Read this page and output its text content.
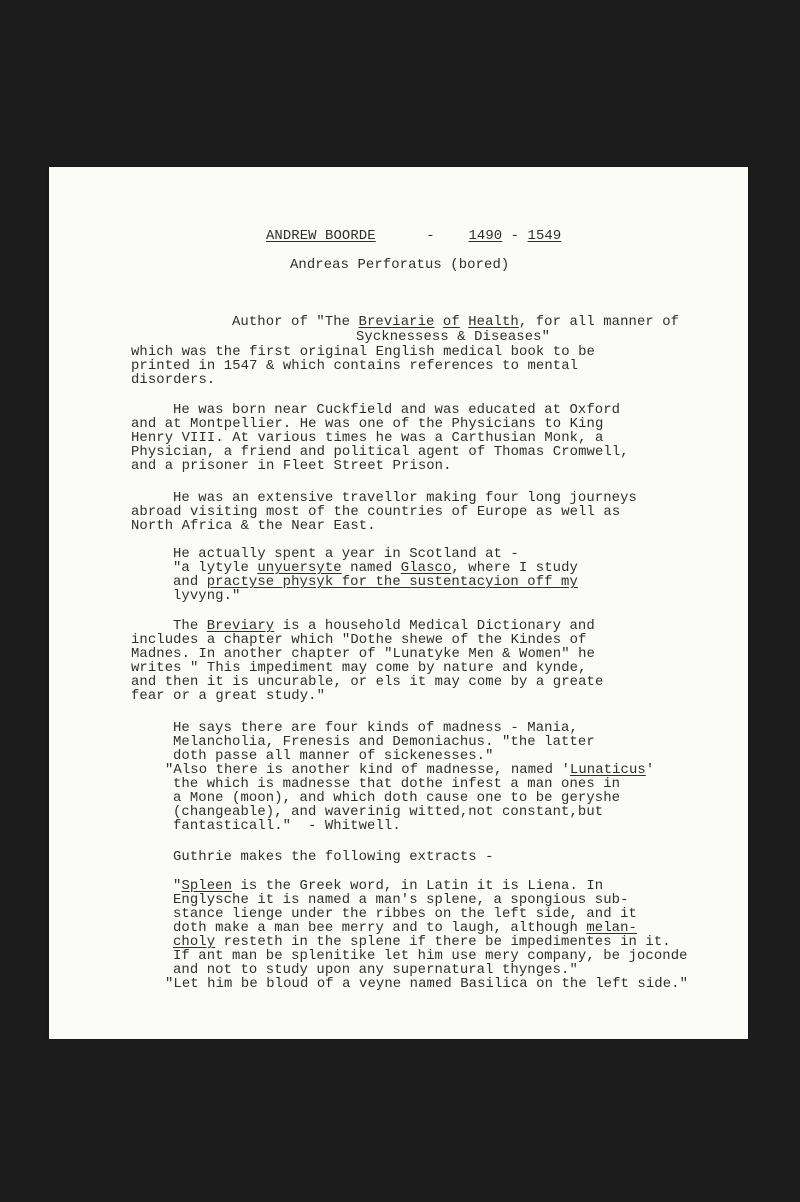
ANDREW BOORDE	- 1490 - 1549
Andreas Perforatus (bored)
Author of "The Breviarie of Health, for all manner of
Syсknessess & Diseases"
which was the first original English medical book to be
printed in 1547 & which contains references to mental
disorders.
He was born near Cuckfield and was educated at Oxford
and at Montpellier. He was one of the Physicians to King
Henry VIII. At various times he was a Carthusian Monk, a
Physician, a friend and political agent of Thomas Cromwell,
and a prisoner in Fleet Street Prison.
He was an extensive travellor making four long journeys
abroad visiting most of the countries of Europe as well as
North Africa & the Near East.
He actually spent a year in Scotland at -
"a lytyle unyuersyte named Glasco, where I study
and practyse physyk for the sustentacyion off my
lyvyng."
The Breviary is a household Medical Dictionary and
includes a chapter which "Dothe shewe of the Kindes of
Madnes. In another chapter of "Lunatyke Men & Women" he
writes " This impediment may come by nature and kynde,
and then it is uncurable, or els it may come by a greate
fear or a great study."
He says there are four kinds of madness - Mania,
Melancholia, Frenesis and Demoniachus. "the latter
doth passe all manner of sickenesses."
"Also there is another kind of madnesse, named 'Lunaticus'
the which is madnesse that dothe infest a man ones in
a Mone (moon), and which doth cause one to be geryshe
(changeable), and waverinig witted,not constant,but
fantasticall."  - Whitwell.
Guthrie makes the following extracts -
"Spleen is the Greek word, in Latin it is Liena. In
Englysche it is named a man's splene, a spongious sub-
stance lienge under the ribbes on the left side, and it
doth make a man bee merry and to laugh, although melan-
choly resteth in the splene if there be impedimentes in it.
If ant man be splenitike let him use mery company, be joconde
and not to study upon any supernatural thynges."
"Let him be bloud of a veyne named Basilica on the left side."
